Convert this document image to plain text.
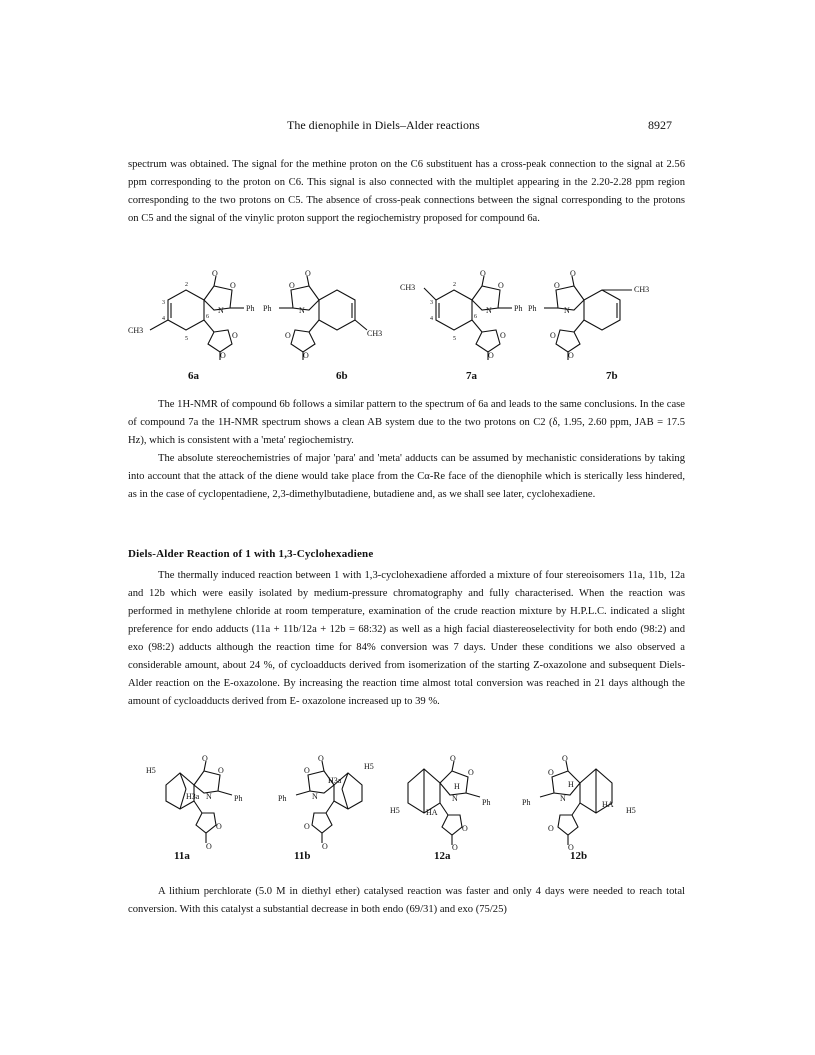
The dienophile in Diels–Alder reactions	8927

spectrum was obtained. The signal for the methine proton on the C6 substituent has a cross-peak connection to the signal at 2.56 ppm corresponding to the proton on C6. This signal is also connected with the multiplet appearing in the 2.20-2.28 ppm region corresponding to the two protons on C5. The absence of cross-peak connections between the signal corresponding to the protons on C5 and the signal of the vinylic proton support the regiochemistry proposed for compound 6a.

O
O
N	Ph
O
O
CH3
2
3
4
5
6
6a
O
O
Ph	N
O
O
CH3
6b
O
O
N	Ph
O
O
CH3	2
3
4
5
6
7a
O
O
Ph	N
O
O
CH3
7b

The 1H-NMR of compound 6b follows a similar pattern to the spectrum of 6a and leads to the same conclusions. In the case of compound 7a the 1H-NMR spectrum shows a clean AB system due to the two protons on C2 (δ, 1.95, 2.60 ppm, JAB = 17.5 Hz), which is consistent with a 'meta' regiochemistry.

The absolute stereochemistries of major 'para' and 'meta' adducts can be assumed by mechanistic considerations by taking into account that the attack of the diene would take place from the Cα-Re face of the dienophile which is sterically less hindered, as in the case of cyclopentadiene, 2,3-dimethylbutadiene, butadiene and, as we shall see later, cyclohexadiene.

Diels-Alder Reaction of 1 with 1,3-Cyclohexadiene

The thermally induced reaction between 1 with 1,3-cyclohexadiene afforded a mixture of four stereoisomers 11a, 11b, 12a and 12b which were easily isolated by medium-pressure chromatography and fully characterised. When the reaction was performed in methylene chloride at room temperature, examination of the crude reaction mixture by H.P.L.C. indicated a slight preference for endo adducts (11a + 11b/12a + 12b = 68:32) as well as a high facial diastereoselectivity for both endo (98:2) and exo (98:2) adducts although the reaction time for 84% conversion was 7 days. Under these conditions we also observed a considerable amount, about 24 %, of cycloadducts derived from isomerization of the starting Z-oxazolone and subsequent Diels-Alder reaction on the E-oxazolone. By increasing the reaction time almost total conversion was reached in 21 days although the amount of cycloadducts derived from E- oxazolone increased up to 39 %.

H5
H3a
O
O
N	Ph
O
O
11a
H5
H3a
O
O
Ph	N
O
O
11b
H5	HA
H
O
O
N	Ph
O
O
12a
H5
HA
H
O
O
Ph	N
O
O
12b

A lithium perchlorate (5.0 M in diethyl ether) catalysed reaction was faster and only 4 days were needed to reach total conversion. With this catalyst a substantial decrease in both endo (69/31) and exo (75/25)
